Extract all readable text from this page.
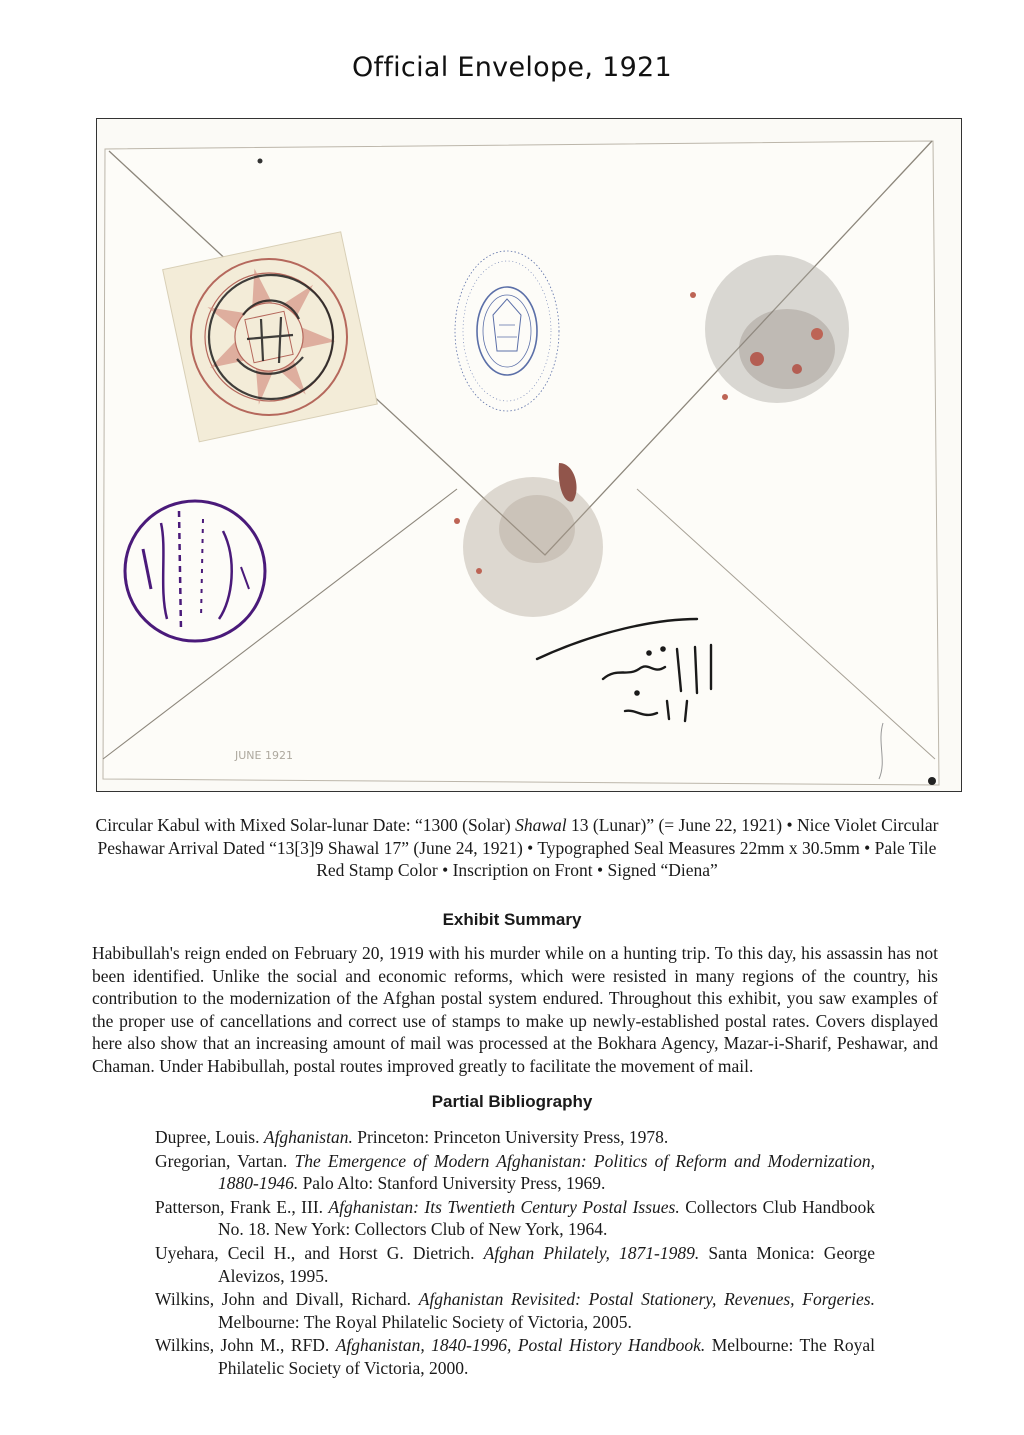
Official Envelope, 1921
JUNE 1921

Circular Kabul with Mixed Solar-lunar Date: “1300 (Solar) Shawal 13 (Lunar)” (= June 22, 1921) • Nice Violet Circular Peshawar Arrival Dated “13[3]9 Shawal 17” (June 24, 1921) • Typographed Seal Measures 22mm x 30.5mm • Pale Tile Red Stamp Color • Inscription on Front • Signed “Diena”

Exhibit Summary

Habibullah's reign ended on February 20, 1919 with his murder while on a hunting trip. To this day, his assassin has not been identified. Unlike the social and economic reforms, which were resisted in many regions of the country, his contribution to the modernization of the Afghan postal system endured. Throughout this exhibit, you saw examples of the proper use of cancellations and correct use of stamps to make up newly-established postal rates. Covers displayed here also show that an increasing amount of mail was processed at the Bokhara Agency, Mazar-i-Sharif, Peshawar, and Chaman. Under Habibullah, postal routes improved greatly to facilitate the movement of mail.

Partial Bibliography
Dupree, Louis. Afghanistan. Princeton: Princeton University Press, 1978.
Gregorian, Vartan. The Emergence of Modern Afghanistan: Politics of Reform and Modernization, 1880-1946. Palo Alto: Stanford University Press, 1969.
Patterson, Frank E., III. Afghanistan: Its Twentieth Century Postal Issues. Collectors Club Handbook No. 18. New York: Collectors Club of New York, 1964.
Uyehara, Cecil H., and Horst G. Dietrich. Afghan Philately, 1871-1989. Santa Monica: George Alevizos, 1995.
Wilkins, John and Divall, Richard. Afghanistan Revisited: Postal Stationery, Revenues, Forgeries. Melbourne: The Royal Philatelic Society of Victoria, 2005.
Wilkins, John M., RFD. Afghanistan, 1840-1996, Postal History Handbook. Melbourne: The Royal Philatelic Society of Victoria, 2000.
